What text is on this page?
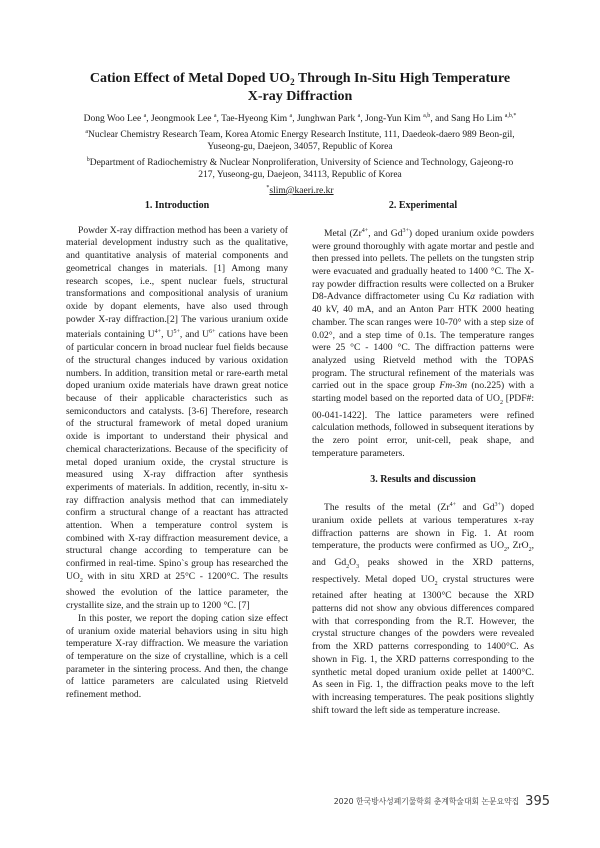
Cation Effect of Metal Doped $UO_2$ Through In-Situ High Temperature
X-ray Diffraction
Dong Woo Lee $^a$, Jeongmook Lee $^a$, Tae-Hyeong Kim $^a$, Junghwan Park $^a$, Jong-Yun Kim $^{a,b}$, and Sang Ho Lim $^{a,b,*}$
$^a$Nuclear Chemistry Research Team, Korea Atomic Energy Research Institute, 111, Daedeok-daero 989 Beon-gil,
Yuseong-gu, Daejeon, 34057, Republic of Korea
$^b$Department of Radiochemistry & Nuclear Nonproliferation, University of Science and Technology, Gajeong-ro
217, Yuseong-gu, Daejeon, 34113, Republic of Korea
*slim@kaeri.re.kr
1. Introduction

Powder X-ray diffraction method has been a variety of material development industry such as the qualitative, and quantitative analysis of material components and geometrical changes in materials. [1] Among many research scopes, i.e., spent nuclear fuels, structural transformations and compositional analysis of uranium oxide by dopant elements, have also used through powder X-ray diffraction.[2] The various uranium oxide materials containing $U^{4+}$, $U^{5+}$, and $U^{6+}$ cations have been of particular concern in broad nuclear fuel fields because of the structural changes induced by various oxidation numbers. In addition, transition metal or rare-earth metal doped uranium oxide materials have drawn great notice because of their applicable characteristics such as semiconductors and catalysts. [3-6] Therefore, research of the structural framework of metal doped uranium oxide is important to understand their physical and chemical characterizations. Because of the specificity of metal doped uranium oxide, the crystal structure is measured using X-ray diffraction after synthesis experiments of materials. In addition, recently, in-situ x-ray diffraction analysis method that can immediately confirm a structural change of a reactant has attracted attention. When a temperature control system is combined with X-ray diffraction measurement device, a structural change according to temperature can be confirmed in real-time. Spino`s group has researched the $UO_2$ with in situ XRD at 25°C - 1200°C. The results showed the evolution of the lattice parameter, the crystallite size, and the strain up to 1200 °C. [7]

In this poster, we report the doping cation size effect of uranium oxide material behaviors using in situ high temperature X-ray diffraction. We measure the variation of temperature on the size of crystalline, which is a cell parameter in the sintering process. And then, the change of lattice parameters are calculated using Rietveld refinement method.

2. Experimental

Metal ($Zr^{4+}$, and $Gd^{3+}$) doped uranium oxide powders were ground thoroughly with agate mortar and pestle and then pressed into pellets. The pellets on the tungsten strip were evacuated and gradually heated to 1400 °C. The X-ray powder diffraction results were collected on a Bruker D8-Advance diffractometer using Cu Kα radiation with 40 kV, 40 mA, and an Anton Parr HTK 2000 heating chamber. The scan ranges were 10-70° with a step size of 0.02°, and a step time of 0.1s. The temperature ranges were 25 °C - 1400 °C. The diffraction patterns were analyzed using Rietveld method with the TOPAS program. The structural refinement of the materials was carried out in the space group Fm-3m (no.225) with a starting model based on the reported data of $UO_2$ [PDF#: 00-041-1422]. The lattice parameters were refined calculation methods, followed in subsequent iterations by the zero point error, unit-cell, peak shape, and temperature parameters.

3. Results and discussion

The results of the metal ($Zr^{4+}$ and $Gd^{3+}$) doped uranium oxide pellets at various temperatures x-ray diffraction patterns are shown in Fig. 1. At room temperature, the products were confirmed as $UO_2$, ZrO$_2$, and $Gd_2O_3$ peaks showed in the XRD patterns, respectively. Metal doped $UO_2$ crystal structures were retained after heating at 1300°C because the XRD patterns did not show any obvious differences compared with that corresponding from the R.T. However, the crystal structure changes of the powders were revealed from the XRD patterns corresponding to 1400°C. As shown in Fig. 1, the XRD patterns corresponding to the synthetic metal doped uranium oxide pellet at 1400°C. As seen in Fig. 1, the diffraction peaks move to the left with increasing temperatures. The peak positions slightly shift toward the left side as temperature increase.

2020 한국방사성폐기물학회 춘계학술대회 논문요약집 395
